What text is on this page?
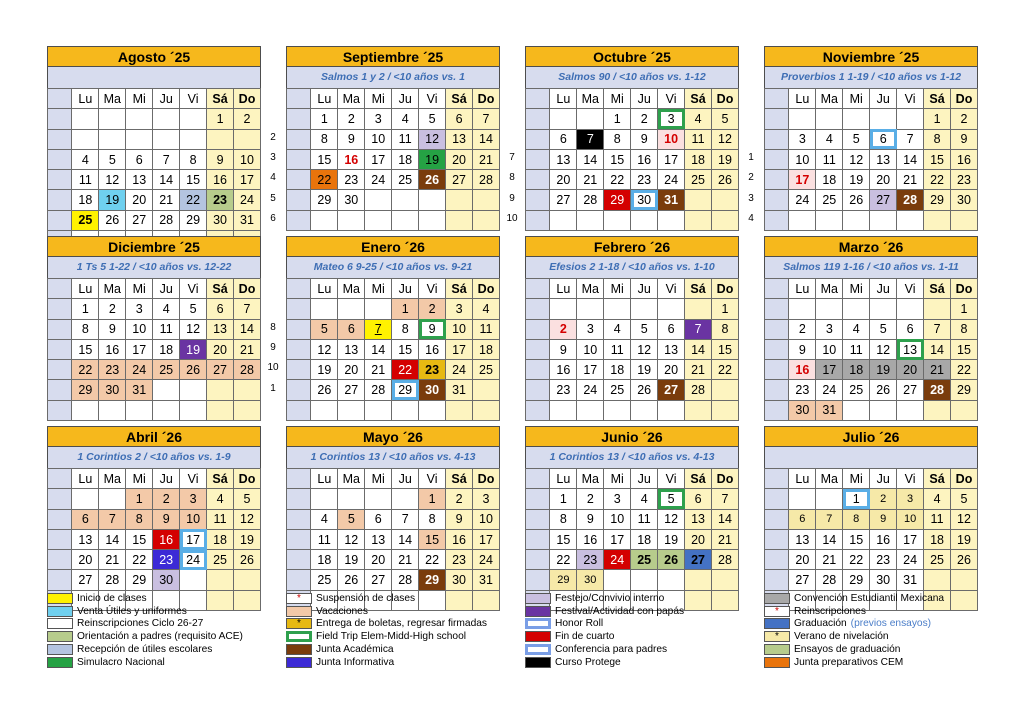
Agosto ´25
	Lu	Ma	Mi	Ju	Vi	Sá	Do
						1	2

	4	5	6	7	8	9	10
	11	12	13	14	15	16	17
	18	19	20	21	22	23	24
	25	26	27	28	29	30	31

2
3
4
5
6
Septiembre ´25
Salmos 1 y 2 / <10 años vs. 1
	Lu	Ma	Mi	Ju	Vi	Sá	Do
	1	2	3	4	5	6	7
	8	9	10	11	12	13	14
	15	16	17	18	19	20	21
	22	23	24	25	26	27	28
	29	30					

7
8
9
10
Octubre ´25
Salmos 90 / <10 años vs. 1-12
	Lu	Ma	Mi	Ju	Vi	Sá	Do
			1	2	3	4	5
	6	7	8	9	10	11	12
	13	14	15	16	17	18	19
	20	21	22	23	24	25	26
	27	28	29	30	31		

1
2
3
4
Noviembre ´25
Proverbios 1 1-19 / <10 años vs 1-12
	Lu	Ma	Mi	Ju	Vi	Sá	Do
						1	2
	3	4	5	6	7	8	9
	10	11	12	13	14	15	16
	17	18	19	20	21	22	23
	24	25	26	27	28	29	30

Diciembre ´25
1 Ts 5 1-22 / <10 años vs. 12-22
	Lu	Ma	Mi	Ju	Vi	Sá	Do
	1	2	3	4	5	6	7
	8	9	10	11	12	13	14
	15	16	17	18	19	20	21
	22	23	24	25	26	27	28
	29	30	31				

8
9
10
1
Enero ´26
Mateo 6 9-25 / <10 años vs. 9-21
	Lu	Ma	Mi	Ju	Vi	Sá	Do
				1	2	3	4
	5	6	7	8	9	10	11
	12	13	14	15	16	17	18
	19	20	21	22	23	24	25
	26	27	28	29	30	31	

Febrero ´26
Efesios 2 1-18 / <10 años vs. 1-10
	Lu	Ma	Mi	Ju	Vi	Sá	Do
							1
	2	3	4	5	6	7	8
	9	10	11	12	13	14	15
	16	17	18	19	20	21	22
	23	24	25	26	27	28	

Marzo ´26
Salmos 119 1-16 / <10 años vs. 1-11
	Lu	Ma	Mi	Ju	Vi	Sá	Do
							1
	2	3	4	5	6	7	8
	9	10	11	12	13	14	15
	16	17	18	19	20	21	22
	23	24	25	26	27	28	29
	30	31					
Abril ´26
1 Corintios 2 / <10 años vs. 1-9
	Lu	Ma	Mi	Ju	Vi	Sá	Do
			1	2	3	4	5
	6	7	8	9	10	11	12
	13	14	15	16	17	18	19
	20	21	22	23	24	25	26
	27	28	29	30			

Mayo ´26
1 Corintios 13 / <10 años vs. 4-13
	Lu	Ma	Mi	Ju	Vi	Sá	Do
					1	2	3
	4	5	6	7	8	9	10
	11	12	13	14	15	16	17
	18	19	20	21	22	23	24
	25	26	27	28	29	30	31

Junio ´26
1 Corintios 13 / <10 años vs. 4-13
	Lu	Ma	Mi	Ju	Vi	Sá	Do
	1	2	3	4	5	6	7
	8	9	10	11	12	13	14
	15	16	17	18	19	20	21
	22	23	24	25	26	27	28
	29	30					

Julio ´26
	Lu	Ma	Mi	Ju	Vi	Sá	Do
			1	2	3	4	5
	6	7	8	9	10	11	12
	13	14	15	16	17	18	19
	20	21	22	23	24	25	26
	27	28	29	30	31		

Inicio de clases
Venta Útiles y uniformes
Reinscripciones Ciclo 26-27
Orientación a padres (requisito ACE)
Recepción de útiles escolares
Simulacro Nacional
*	Suspensión de clases
Vacaciones
*	Entrega de boletas, regresar firmadas
Field Trip Elem-Midd-High school
Junta Académica
Junta Informativa
Festejo/Convivio interno
Festival/Actividad con papás
Honor Roll
Fin de cuarto
Conferencia para padres
Curso Protege
Convención Estudiantil Mexicana
*	Reinscripciones
Graduación (previos ensayos)
*	Verano de nivelación
Ensayos de graduación
Junta preparativos CEM
